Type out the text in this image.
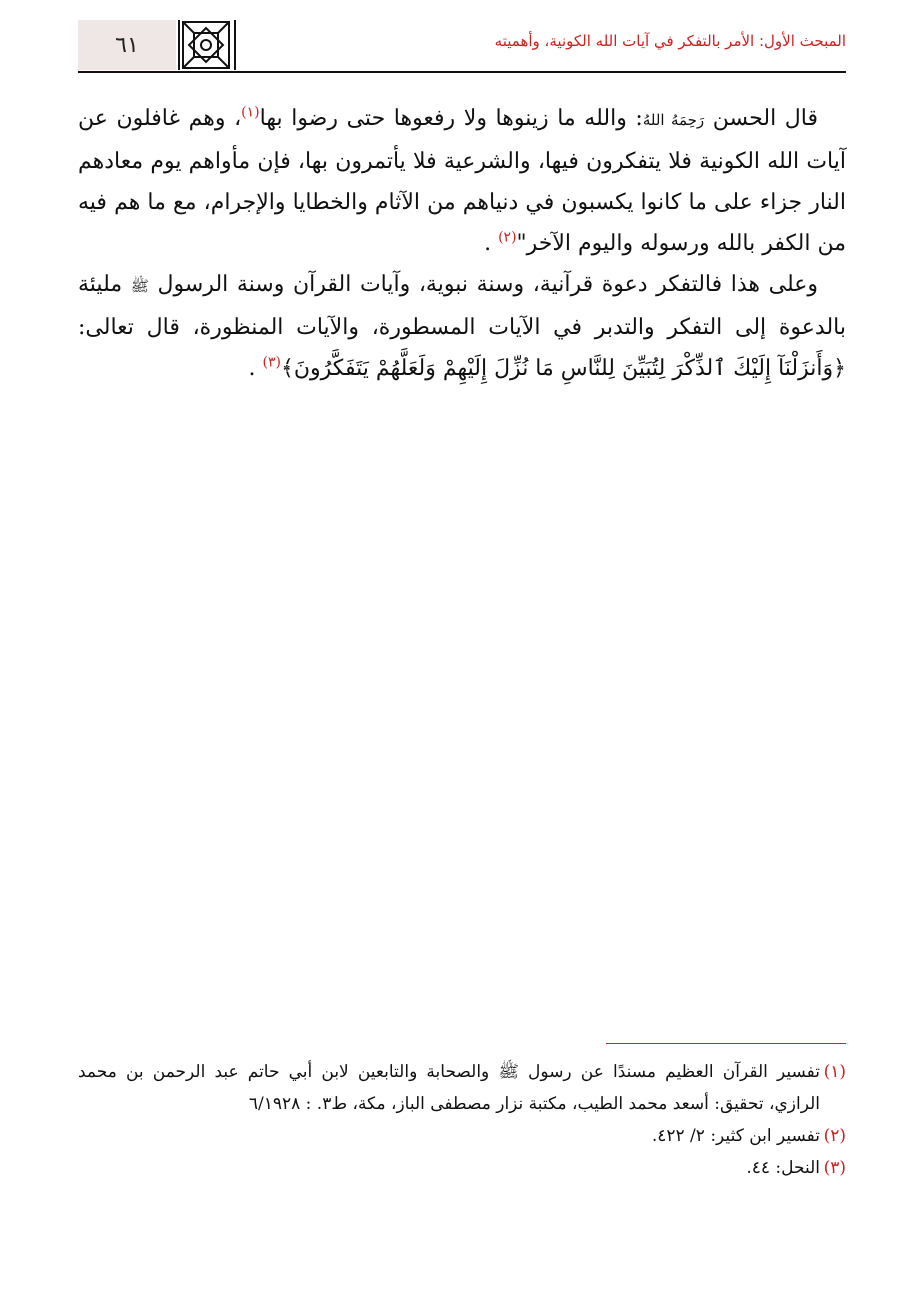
٦١	المبحث الأول: الأمر بالتفكر في آيات الله الكونية، وأهميته

قال الحسن رَحِمَهُ اللهُ: والله ما زينوها ولا رفعوها حتى رضوا بها$^{(١)}$، وهم غافلون عن آيات الله الكونية فلا يتفكرون فيها، والشرعية فلا يأتمرون بها، فإن مأواهم يوم معادهم النار جزاء على ما كانوا يكسبون في دنياهم من الآثام والخطايا والإجرام، مع ما هم فيه من الكفر بالله ورسوله واليوم الآخر"$^{(٢)}$ .

وعلى هذا فالتفكر دعوة قرآنية، وسنة نبوية، وآيات القرآن وسنة الرسول ﷺ مليئة بالدعوة إلى التفكر والتدبر في الآيات المسطورة، والآيات المنظورة، قال تعالى: ﴿وَأَنزَلْنَآ إِلَيْكَ ٱلذِّكْرَ لِتُبَيِّنَ لِلنَّاسِ مَا نُزِّلَ إِلَيْهِمْ وَلَعَلَّهُمْ يَتَفَكَّرُونَ﴾$^{(٣)}$ .

(١)
تفسير القرآن العظيم مسندًا عن رسول ﷺ والصحابة والتابعين لابن أبي حاتم عبد الرحمن بن محمد الرازي، تحقيق: أسعد محمد الطيب، مكتبة نزار مصطفى الباز، مكة، ط٣. : ٦/١٩٢٨
(٢)
تفسير ابن كثير: ٢/ ٤٢٢.
(٣)
النحل: ٤٤.
